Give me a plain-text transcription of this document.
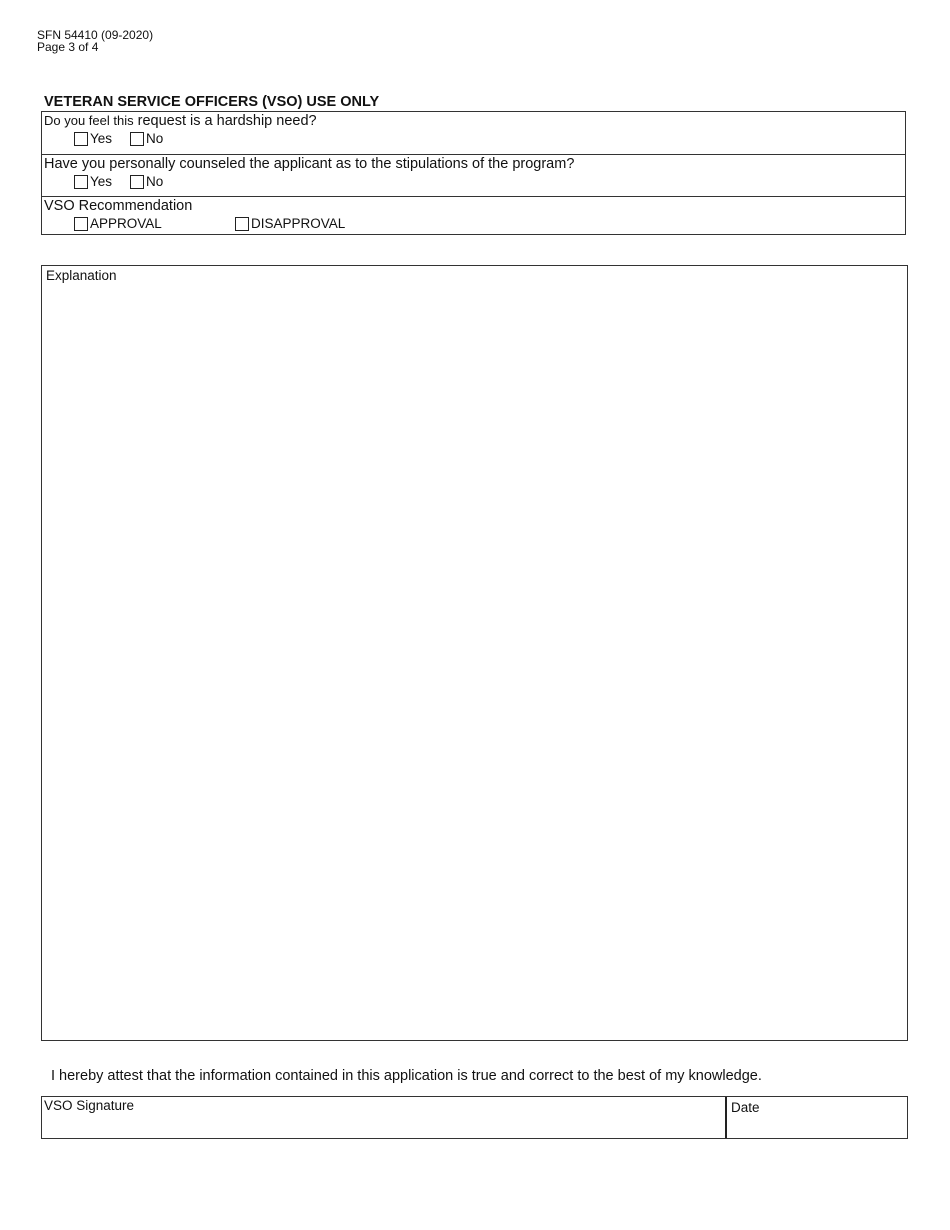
SFN 54410 (09-2020)
Page 3 of 4
VETERAN SERVICE OFFICERS (VSO) USE ONLY
Do you feel this request is a hardship need?
Yes	No
Have you personally counseled the applicant as to the stipulations of the program?
Yes	No
VSO Recommendation
APPROVAL	DISAPPROVAL
Explanation
I hereby attest that the information contained in this application is true and correct to the best of my knowledge.
VSO Signature	Date
